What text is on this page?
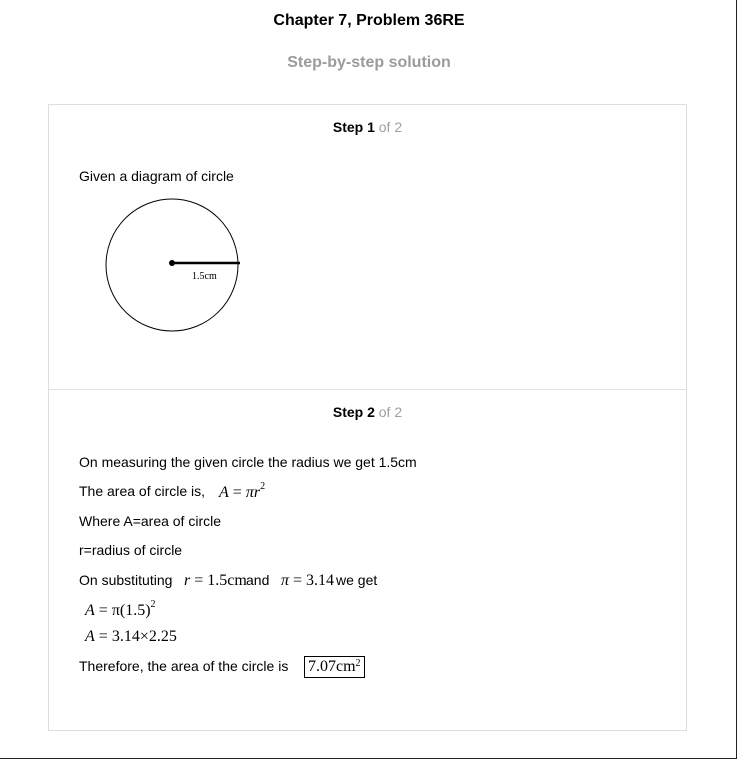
Chapter 7, Problem 36RE
Step-by-step solution
Step 1 of 2
Given a diagram of circle
1.5cm
Step 2 of 2
On measuring the given circle the radius we get 1.5cm
The area of circle is, $A = \pi r^2$
Where A=area of circle
r=radius of circle
On substituting r = 1.5cm and π = 3.14 we get
$A = \pi(1.5)^2$
A = 3.14×2.25
Therefore, the area of the circle is $7.07cm^2$
